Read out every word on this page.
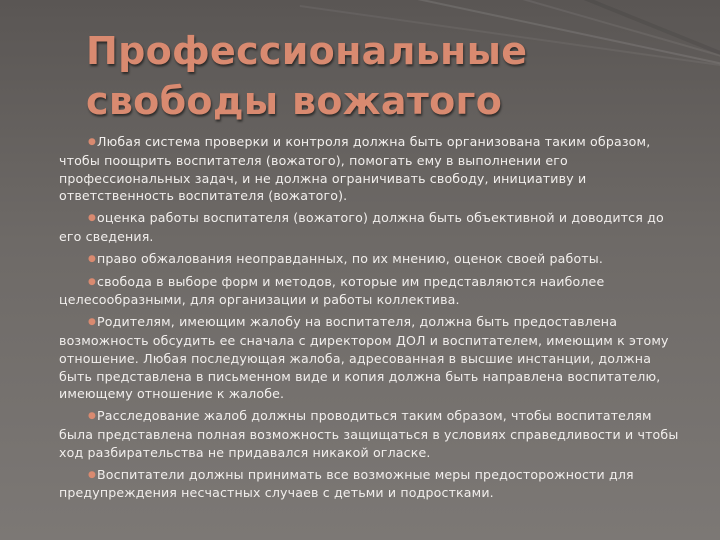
Профессиональные
свободы вожатого

●Любая система проверки и контроля должна быть организована таким образом, чтобы поощрить воспитателя (вожатого), помогать ему в выполнении его профессиональных задач, и не должна ограничивать свободу, инициативу и ответственность воспитателя (вожатого).

●оценка работы воспитателя (вожатого) должна быть объективной и доводится до его сведения.

●право обжалования неоправданных, по их мнению, оценок своей работы.

●свобода в выборе форм и методов, которые им представляются наиболее целесообразными, для организации и работы коллектива.

●Родителям, имеющим жалобу на воспитателя, должна быть предоставлена возможность обсудить ее сначала с директором ДОЛ и воспитателем, имеющим к этому отношение. Любая последующая жалоба, адресованная в высшие инстанции, должна быть представлена в письменном виде и копия должна быть направлена воспитателю, имеющему отношение к жалобе.

●Расследование жалоб должны проводиться таким образом, чтобы воспитателям была представлена полная возможность защищаться в условиях справедливости и чтобы ход разбирательства не придавался никакой огласке.

●Воспитатели должны принимать все возможные меры предосторожности для предупреждения несчастных случаев с детьми и подростками.
